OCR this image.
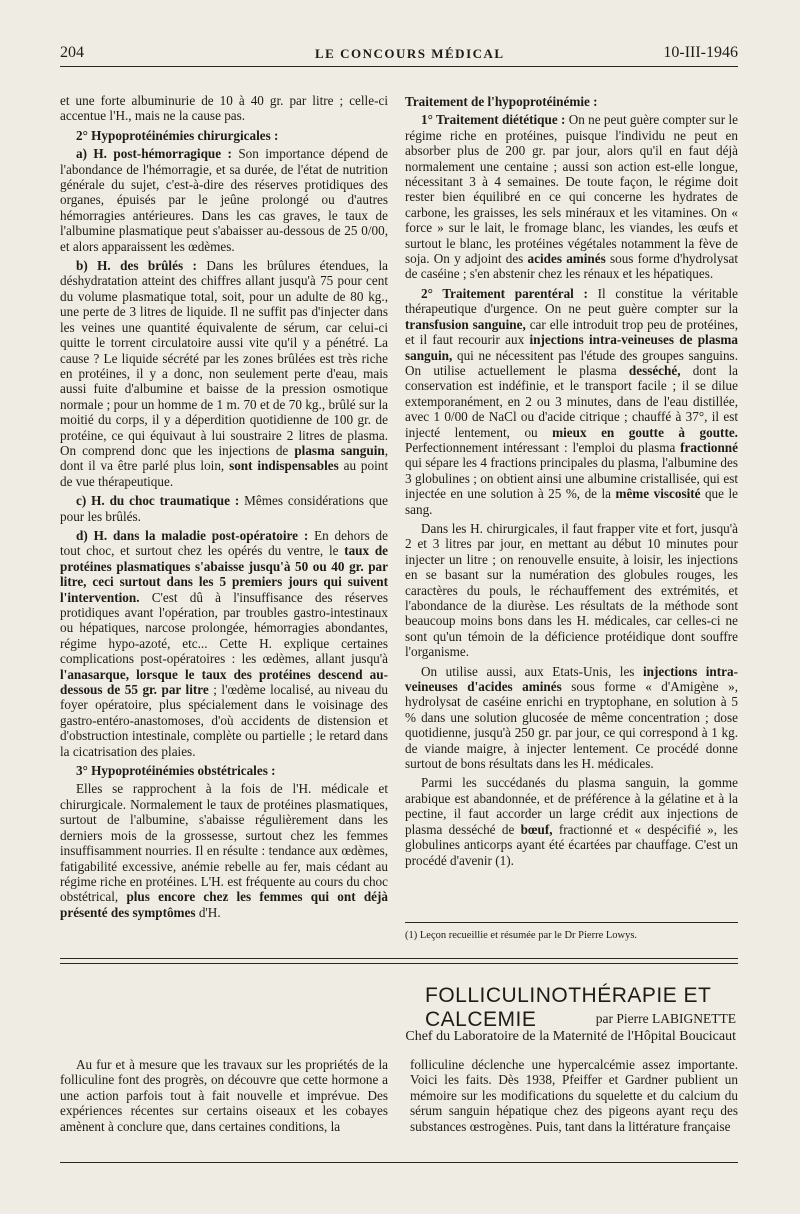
204	LE CONCOURS MÉDICAL	10-III-1946

et une forte albuminurie de 10 à 40 gr. par litre ; celle-ci accentue l'H., mais ne la cause pas.

2° Hypoprotéinémies chirurgicales :

a) H. post-hémorragique : Son importance dépend de l'abondance de l'hémorragie, et sa durée, de l'état de nutrition générale du sujet, c'est-à-dire des réserves protidiques des organes, épuisés par le jeûne prolongé ou d'autres hémorragies antérieures. Dans les cas graves, le taux de l'albumine plasmatique peut s'abaisser au-dessous de 25 0/00, et alors apparaissent les œdèmes.

b) H. des brûlés : Dans les brûlures étendues, la déshydratation atteint des chiffres allant jusqu'à 75 pour cent du volume plasmatique total, soit, pour un adulte de 80 kg., une perte de 3 litres de liquide. Il ne suffit pas d'injecter dans les veines une quantité équivalente de sérum, car celui-ci quitte le torrent circulatoire aussi vite qu'il y a pénétré. La cause ? Le liquide sécrété par les zones brûlées est très riche en protéines, il y a donc, non seulement perte d'eau, mais aussi fuite d'albumine et baisse de la pression osmotique normale ; pour un homme de 1 m. 70 et de 70 kg., brûlé sur la moitié du corps, il y a déperdition quotidienne de 100 gr. de protéine, ce qui équivaut à lui soustraire 2 litres de plasma. On comprend donc que les injections de plasma sanguin, dont il va être parlé plus loin, sont indispensables au point de vue thérapeutique.

c) H. du choc traumatique : Mêmes considérations que pour les brûlés.

d) H. dans la maladie post-opératoire : En dehors de tout choc, et surtout chez les opérés du ventre, le taux de protéines plasmatiques s'abaisse jusqu'à 50 ou 40 gr. par litre, ceci surtout dans les 5 premiers jours qui suivent l'intervention. C'est dû à l'insuffisance des réserves protidiques avant l'opération, par troubles gastro-intestinaux ou hépatiques, narcose prolongée, hémorragies abondantes, régime hypo-azoté, etc... Cette H. explique certaines complications post-opératoires : les œdèmes, allant jusqu'à l'anasarque, lorsque le taux des protéines descend au-dessous de 55 gr. par litre ; l'œdème localisé, au niveau du foyer opératoire, plus spécialement dans le voisinage des gastro-entéro-anastomoses, d'où accidents de distension et d'obstruction intestinale, complète ou partielle ; le retard dans la cicatrisation des plaies.

3° Hypoprotéinémies obstétricales :

Elles se rapprochent à la fois de l'H. médicale et chirurgicale. Normalement le taux de protéines plasmatiques, surtout de l'albumine, s'abaisse régulièrement dans les derniers mois de la grossesse, surtout chez les femmes insuffisamment nourries. Il en résulte : tendance aux œdèmes, fatigabilité excessive, anémie rebelle au fer, mais cédant au régime riche en protéines. L'H. est fréquente au cours du choc obstétrical, plus encore chez les femmes qui ont déjà présenté des symptômes d'H.

Traitement de l'hypoprotéinémie :

1° Traitement diététique : On ne peut guère compter sur le régime riche en protéines, puisque l'individu ne peut en absorber plus de 200 gr. par jour, alors qu'il en faut déjà normalement une centaine ; aussi son action est-elle longue, nécessitant 3 à 4 semaines. De toute façon, le régime doit rester bien équilibré en ce qui concerne les hydrates de carbone, les graisses, les sels minéraux et les vitamines. On « force » sur le lait, le fromage blanc, les viandes, les œufs et surtout le blanc, les protéines végétales notamment la fève de soja. On y adjoint des acides aminés sous forme d'hydrolysat de caséine ; s'en abstenir chez les rénaux et les hépatiques.

2° Traitement parentéral : Il constitue la véritable thérapeutique d'urgence. On ne peut guère compter sur la transfusion sanguine, car elle introduit trop peu de protéines, et il faut recourir aux injections intra-veineuses de plasma sanguin, qui ne nécessitent pas l'étude des groupes sanguins. On utilise actuellement le plasma desséché, dont la conservation est indéfinie, et le transport facile ; il se dilue extemporanément, en 2 ou 3 minutes, dans de l'eau distillée, avec 1 0/00 de NaCl ou d'acide citrique ; chauffé à 37°, il est injecté lentement, ou mieux en goutte à goutte. Perfectionnement intéressant : l'emploi du plasma fractionné qui sépare les 4 fractions principales du plasma, l'albumine des 3 globulines ; on obtient ainsi une albumine cristallisée, qui est injectée en une solution à 25 %, de la même viscosité que le sang.

Dans les H. chirurgicales, il faut frapper vite et fort, jusqu'à 2 et 3 litres par jour, en mettant au début 10 minutes pour injecter un litre ; on renouvelle ensuite, à loisir, les injections en se basant sur la numération des globules rouges, les caractères du pouls, le réchauffement des extrémités, et l'abondance de la diurèse. Les résultats de la méthode sont beaucoup moins bons dans les H. médicales, car celles-ci ne sont qu'un témoin de la déficience protéidique dont souffre l'organisme.

On utilise aussi, aux Etats-Unis, les injections intra-veineuses d'acides aminés sous forme « d'Amigène », hydrolysat de caséine enrichi en tryptophane, en solution à 5 % dans une solution glucosée de même concentration ; dose quotidienne, jusqu'à 250 gr. par jour, ce qui correspond à 1 kg. de viande maigre, à injecter lentement. Ce procédé donne surtout de bons résultats dans les H. médicales.

Parmi les succédanés du plasma sanguin, la gomme arabique est abandonnée, et de préférence à la gélatine et à la pectine, il faut accorder un large crédit aux injections de plasma desséché de bœuf, fractionné et « despécifié », les globulines anticorps ayant été écartées par chauffage. C'est un procédé d'avenir (1).

(1) Leçon recueillie et résumée par le Dr Pierre Lowys.
FOLLICULINOTHÉRAPIE ET CALCEMIE	par Pierre LABIGNETTE
Chef du Laboratoire de la Maternité de l'Hôpital Boucicaut
Au fur et à mesure que les travaux sur les propriétés de la folliculine font des progrès, on découvre que cette hormone a une action parfois tout à fait nouvelle et imprévue. Des expériences récentes sur certains oiseaux et les cobayes amènent à conclure que, dans certaines conditions, la
folliculine déclenche une hypercalcémie assez importante. Voici les faits. Dès 1938, Pfeiffer et Gardner publient un mémoire sur les modifications du squelette et du calcium du sérum sanguin hépatique chez des pigeons ayant reçu des substances œstrogènes. Puis, tant dans la littérature française
